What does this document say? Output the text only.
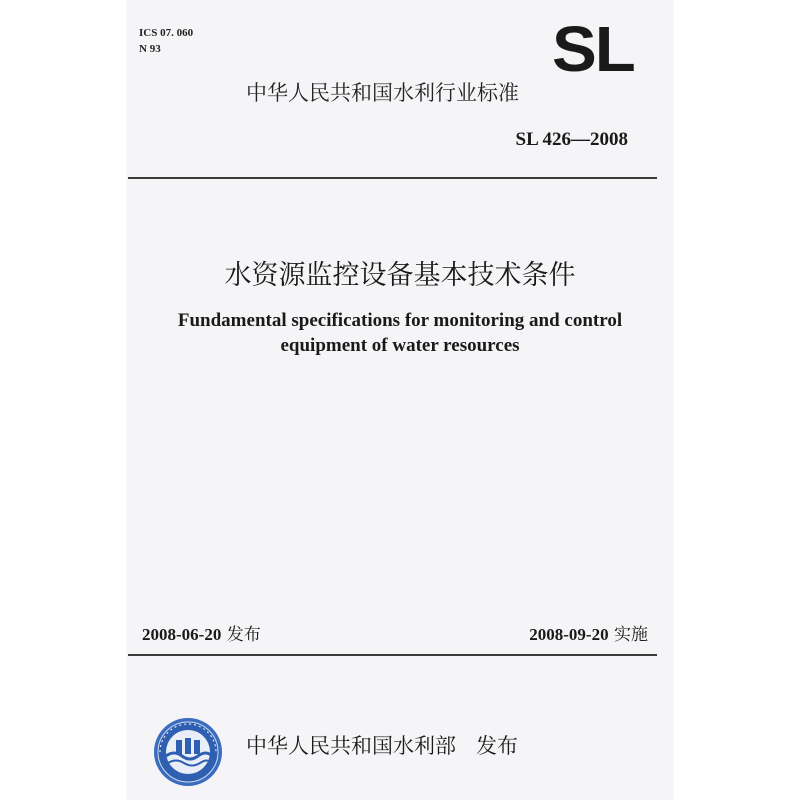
ICS 07. 060
N 93	SL
中华人民共和国水利行业标准
SL 426—2008
水资源监控设备基本技术条件
Fundamental specifications for monitoring and control
equipment of water resources
2008-06-20 发布	2008-09-20 实施
中华人民共和国水利部 发布
